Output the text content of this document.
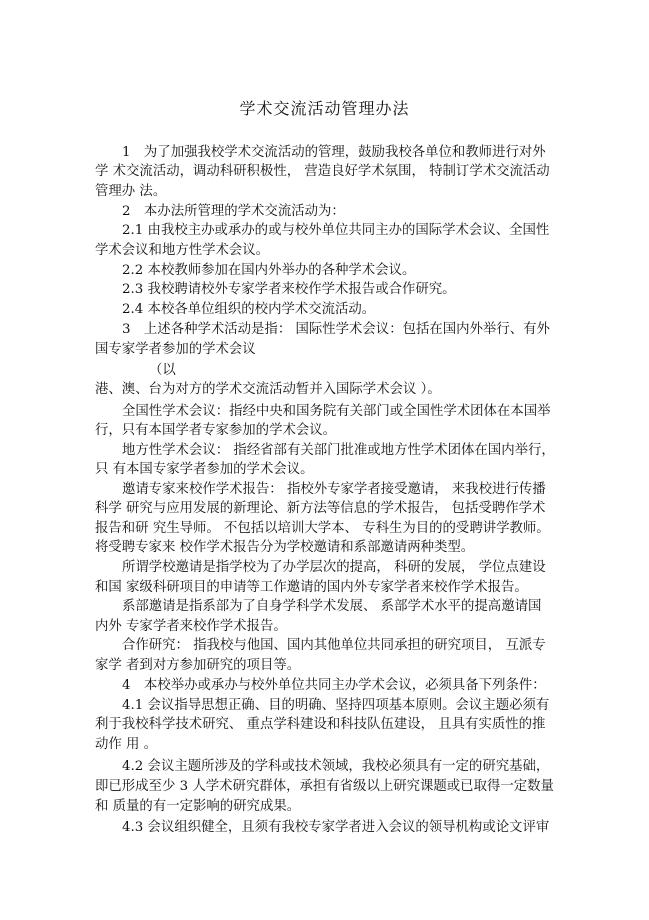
学术交流活动管理办法
1　为了加强我校学术交流活动的管理，鼓励我校各单位和教师进行对外
学 术交流活动，调动科研积极性， 营造良好学术氛围， 特制订学术交流活动
管理办 法。
2　本办法所管理的学术交流活动为：
2.1 由我校主办或承办的或与校外单位共同主办的国际学术会议、全国性
学术会议和地方性学术会议。
2.2 本校教师参加在国内外举办的各种学术会议。
2.3 我校聘请校外专家学者来校作学术报告或合作研究。
2.4 本校各单位组织的校内学术交流活动。
3　上述各种学术活动是指： 国际性学术会议：包括在国内外举行、有外
国专家学者参加的学术会议
（以
港、澳、台为对方的学术交流活动暂并入国际学术会议 ）。
全国性学术会议：指经中央和国务院有关部门或全国性学术团体在本国举
行，只有本国学者专家参加的学术会议。
地方性学术会议： 指经省部有关部门批准或地方性学术团体在国内举行，
只 有本国专家学者参加的学术会议。
邀请专家来校作学术报告： 指校外专家学者接受邀请， 来我校进行传播
科学 研究与应用发展的新理论、新方法等信息的学术报告， 包括受聘作学术
报告和研 究生导师。 不包括以培训大学本、 专科生为目的的受聘讲学教师。
将受聘专家来 校作学术报告分为学校邀请和系部邀请两种类型。
所谓学校邀请是指学校为了办学层次的提高， 科研的发展， 学位点建设
和国 家级科研项目的申请等工作邀请的国内外专家学者来校作学术报告。
系部邀请是指系部为了自身学科学术发展、 系部学术水平的提高邀请国
内外 专家学者来校作学术报告。
合作研究： 指我校与他国、国内其他单位共同承担的研究项目， 互派专
家学 者到对方参加研究的项目等。
4　本校举办或承办与校外单位共同主办学术会议，必须具备下列条件：
4.1 会议指导思想正确、目的明确、坚持四项基本原则。会议主题必须有
利于我校科学技术研究、 重点学科建设和科技队伍建设， 且具有实质性的推
动作 用 。
4.2 会议主题所涉及的学科或技术领域，我校必须具有一定的研究基础，
即已形成至少 3 人学术研究群体，承担有省级以上研究课题或已取得一定数量
和 质量的有一定影响的研究成果。
4.3 会议组织健全，且须有我校专家学者进入会议的领导机构或论文评审
